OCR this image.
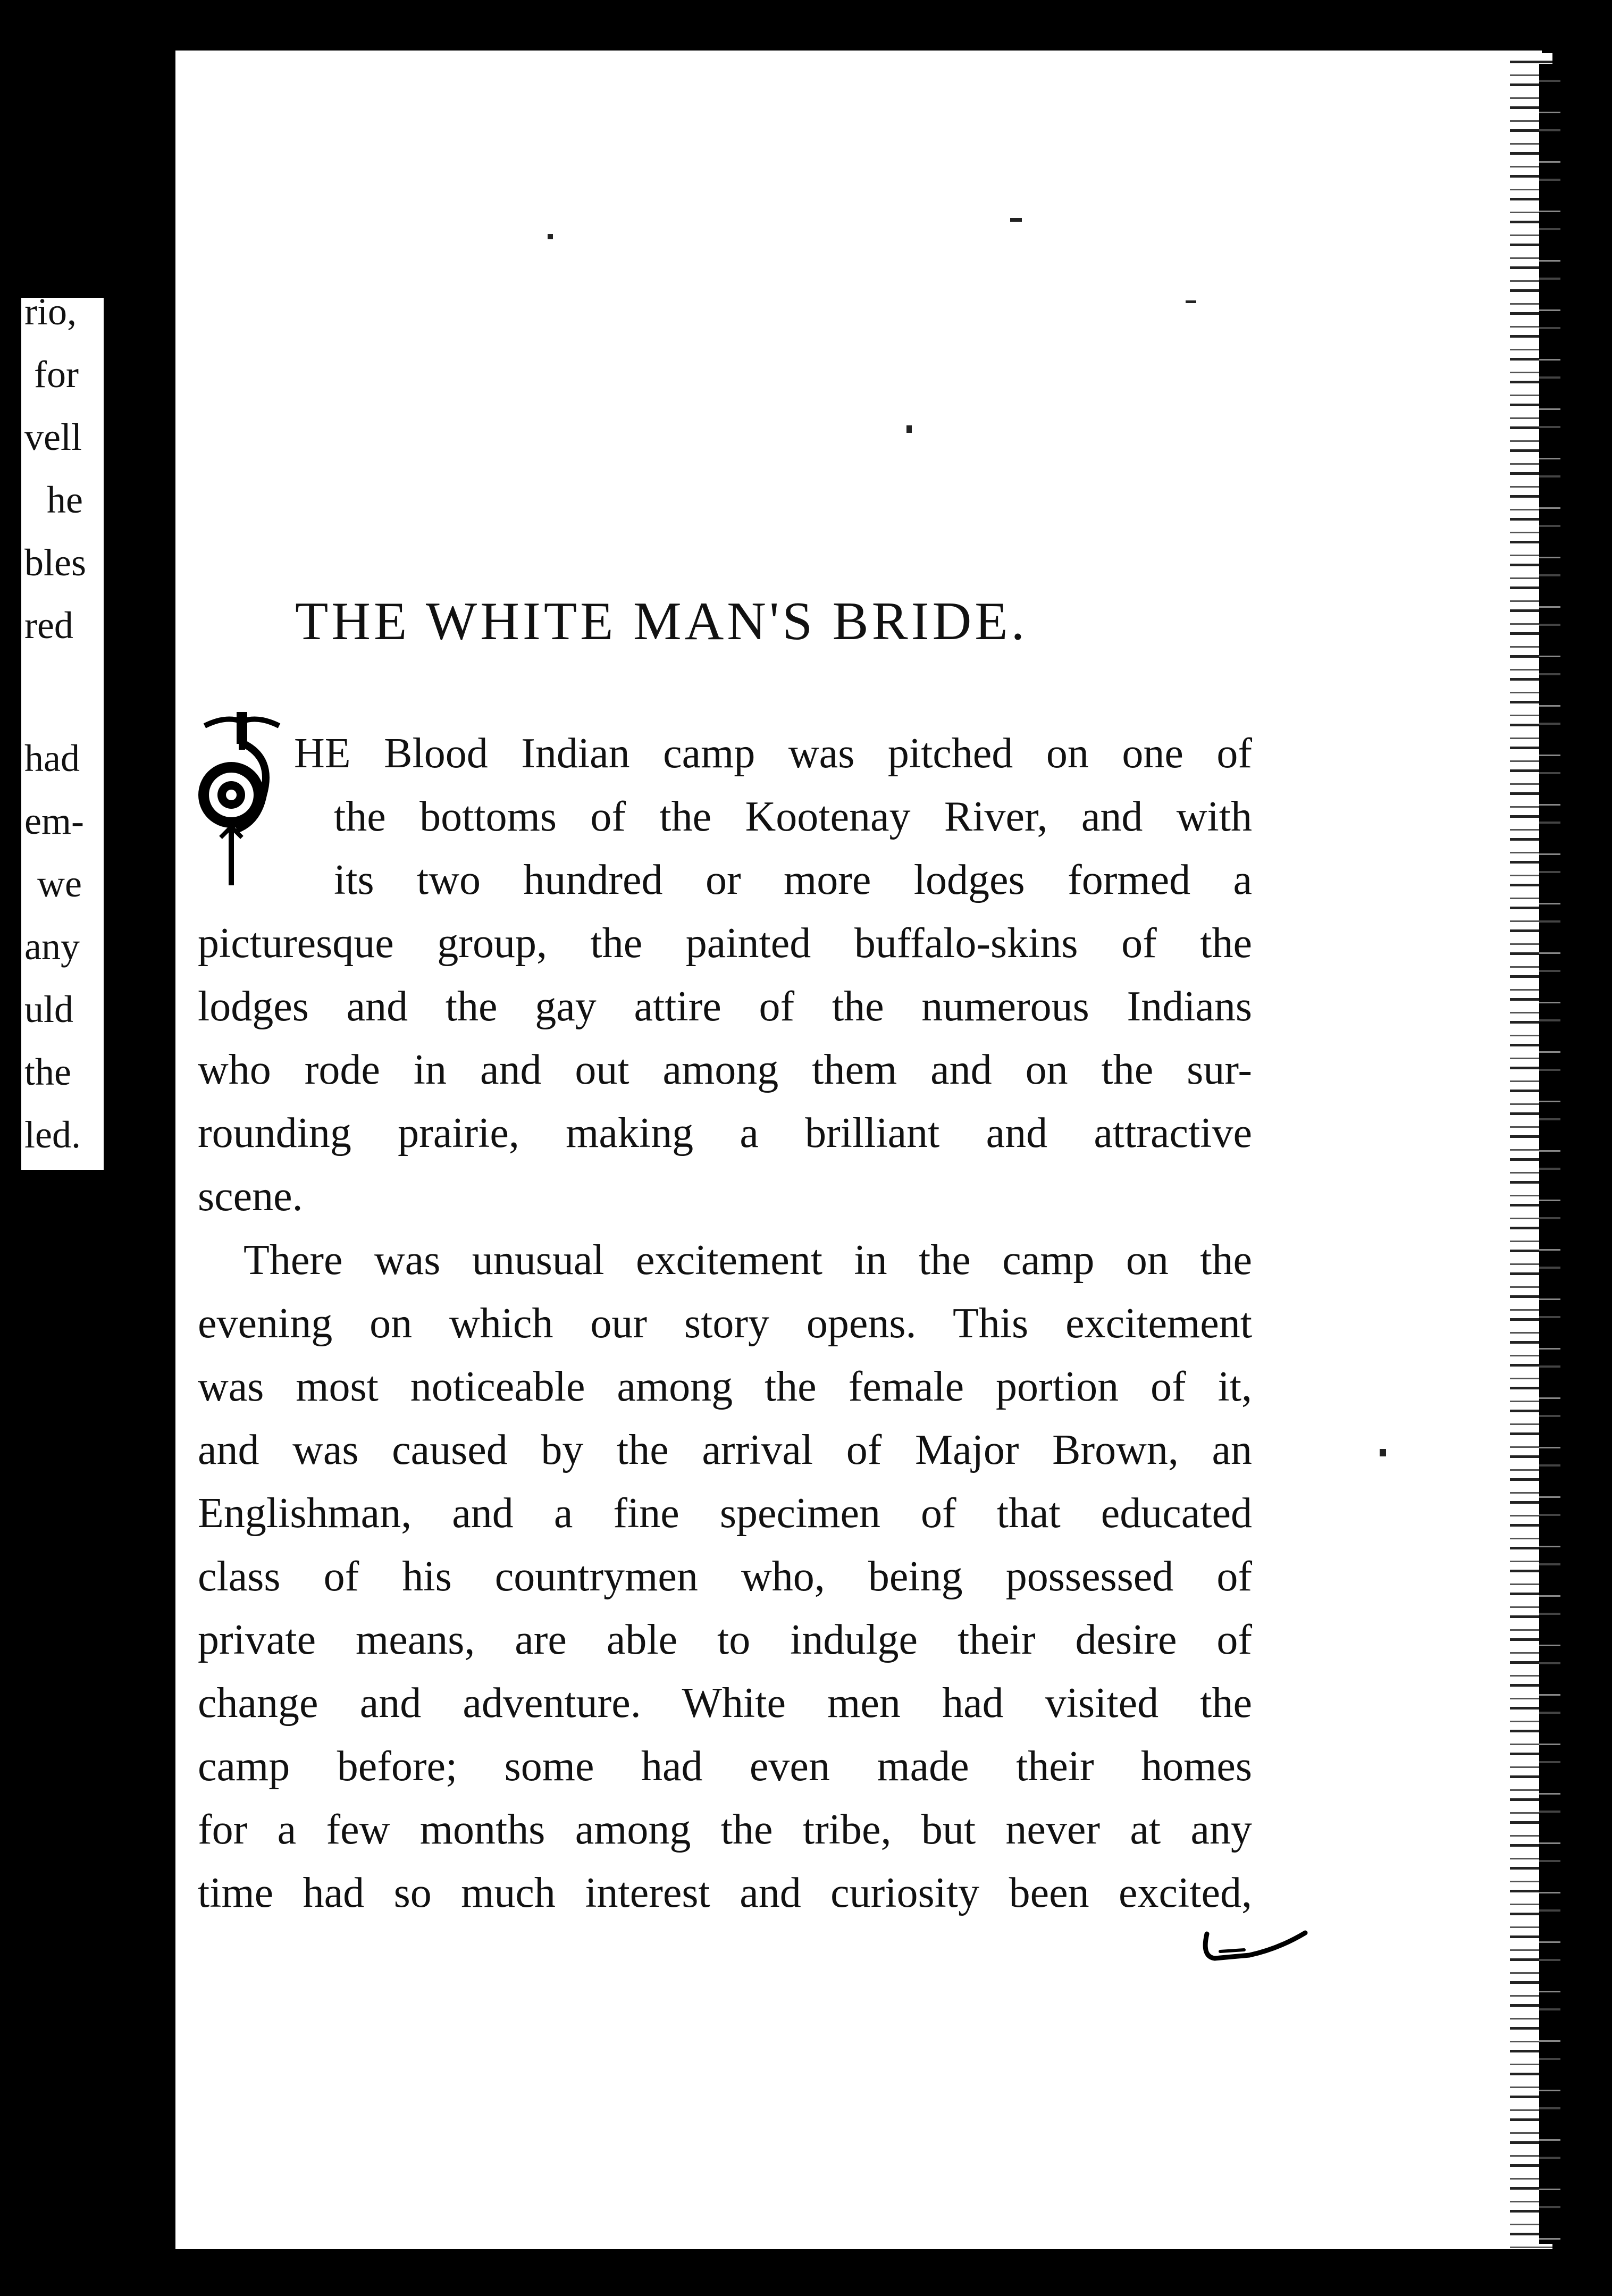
rio,
for
vell
he
bles
red
had
em-
we
any
uld
the
led.
THE WHITE MAN'S BRIDE.
HE Blood Indian camp was pitched on one of
the bottoms of the Kootenay River, and with
its two hundred or more lodges formed a
picturesque group, the painted buffalo-skins of the
lodges and the gay attire of the numerous Indians
who rode in and out among them and on the sur-
rounding prairie, making a brilliant and attractive
scene.
There was unusual excitement in the camp on the
evening on which our story opens. This excitement
was most noticeable among the female portion of it,
and was caused by the arrival of Major Brown, an
Englishman, and a fine specimen of that educated
class of his countrymen who, being possessed of
private means, are able to indulge their desire of
change and adventure. White men had visited the
camp before; some had even made their homes
for a few months among the tribe, but never at any
time had so much interest and curiosity been excited,
